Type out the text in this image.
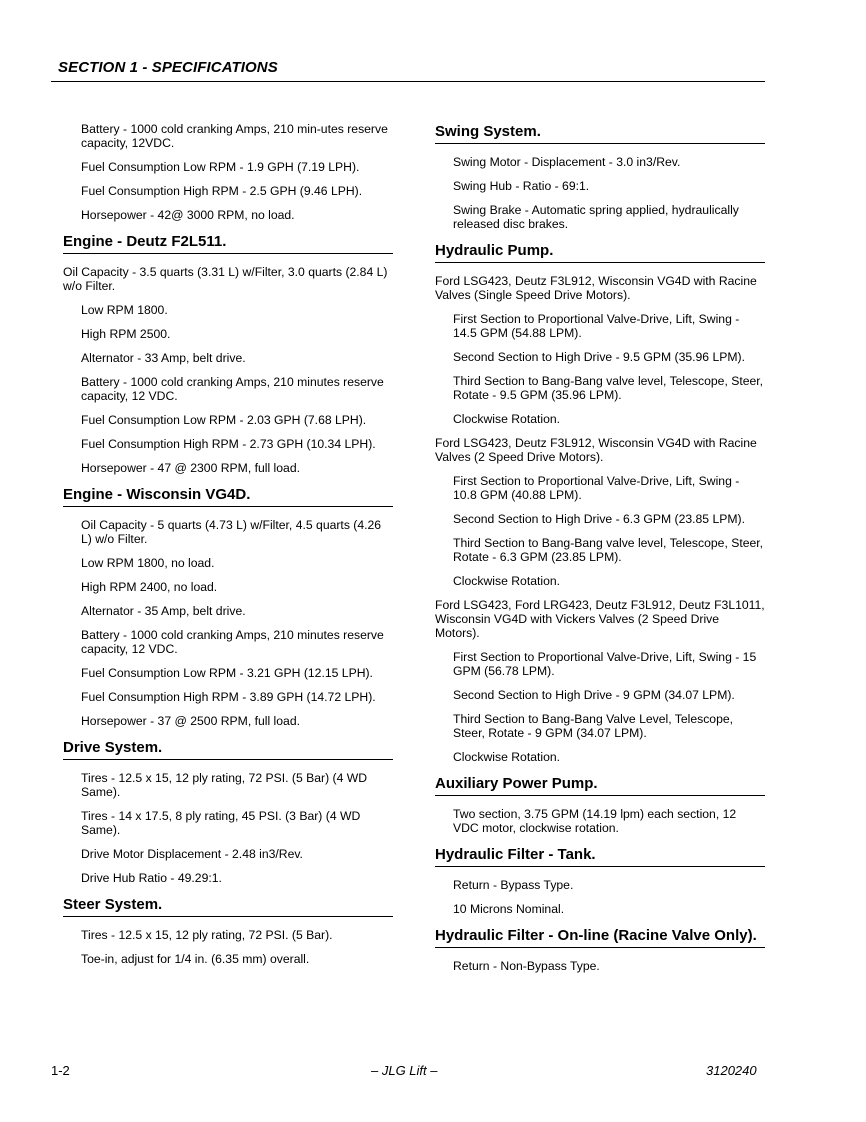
SECTION 1 - SPECIFICATIONS

Battery - 1000 cold cranking Amps, 210 min-utes reserve capacity, 12VDC.

Fuel Consumption Low RPM - 1.9 GPH (7.19 LPH).

Fuel Consumption High RPM - 2.5 GPH (9.46 LPH).

Horsepower - 42@ 3000 RPM, no load.

Engine - Deutz F2L511.

Oil Capacity - 3.5 quarts (3.31 L) w/Filter, 3.0 quarts (2.84 L) w/o Filter.

Low RPM 1800.

High RPM 2500.

Alternator - 33 Amp, belt drive.

Battery - 1000 cold cranking Amps, 210 minutes reserve capacity, 12 VDC.

Fuel Consumption Low RPM - 2.03 GPH (7.68 LPH).

Fuel Consumption High RPM - 2.73 GPH (10.34 LPH).

Horsepower - 47 @ 2300 RPM, full load.

Engine - Wisconsin VG4D.

Oil Capacity - 5 quarts (4.73 L) w/Filter, 4.5 quarts (4.26 L) w/o Filter.

Low RPM 1800, no load.

High RPM 2400, no load.

Alternator - 35 Amp, belt drive.

Battery - 1000 cold cranking Amps, 210 minutes reserve capacity, 12 VDC.

Fuel Consumption Low RPM - 3.21 GPH (12.15 LPH).

Fuel Consumption High RPM - 3.89 GPH (14.72 LPH).

Horsepower - 37 @ 2500 RPM, full load.

Drive System.

Tires - 12.5 x 15, 12 ply rating, 72 PSI. (5 Bar) (4 WD Same).

Tires - 14 x 17.5, 8 ply rating, 45 PSI. (3 Bar) (4 WD Same).

Drive Motor Displacement - 2.48 in3/Rev.

Drive Hub Ratio - 49.29:1.

Steer System.

Tires - 12.5 x 15, 12 ply rating, 72 PSI. (5 Bar).

Toe-in, adjust for 1/4 in. (6.35 mm) overall.

Swing System.

Swing Motor - Displacement - 3.0 in3/Rev.

Swing Hub - Ratio - 69:1.

Swing Brake - Automatic spring applied, hydraulically released disc brakes.

Hydraulic Pump.

Ford LSG423, Deutz F3L912, Wisconsin VG4D with Racine Valves (Single Speed Drive Motors).

First Section to Proportional Valve-Drive, Lift, Swing - 14.5 GPM (54.88 LPM).

Second Section to High Drive - 9.5 GPM (35.96 LPM).

Third Section to Bang-Bang valve level, Telescope, Steer, Rotate - 9.5 GPM (35.96 LPM).

Clockwise Rotation.

Ford LSG423, Deutz F3L912, Wisconsin VG4D with Racine Valves (2 Speed Drive Motors).

First Section to Proportional Valve-Drive, Lift, Swing - 10.8 GPM (40.88 LPM).

Second Section to High Drive - 6.3 GPM (23.85 LPM).

Third Section to Bang-Bang valve level, Telescope, Steer, Rotate - 6.3 GPM (23.85 LPM).

Clockwise Rotation.

Ford LSG423, Ford LRG423, Deutz F3L912, Deutz F3L1011, Wisconsin VG4D with Vickers Valves (2 Speed Drive Motors).

First Section to Proportional Valve-Drive, Lift, Swing - 15 GPM (56.78 LPM).

Second Section to High Drive - 9 GPM (34.07 LPM).

Third Section to Bang-Bang Valve Level, Telescope, Steer, Rotate - 9 GPM (34.07 LPM).

Clockwise Rotation.

Auxiliary Power Pump.

Two section, 3.75 GPM (14.19 lpm) each section, 12 VDC motor, clockwise rotation.

Hydraulic Filter - Tank.

Return - Bypass Type.

10 Microns Nominal.

Hydraulic Filter - On-line (Racine Valve Only).

Return - Non-Bypass Type.

1-2	– JLG Lift –	3120240
